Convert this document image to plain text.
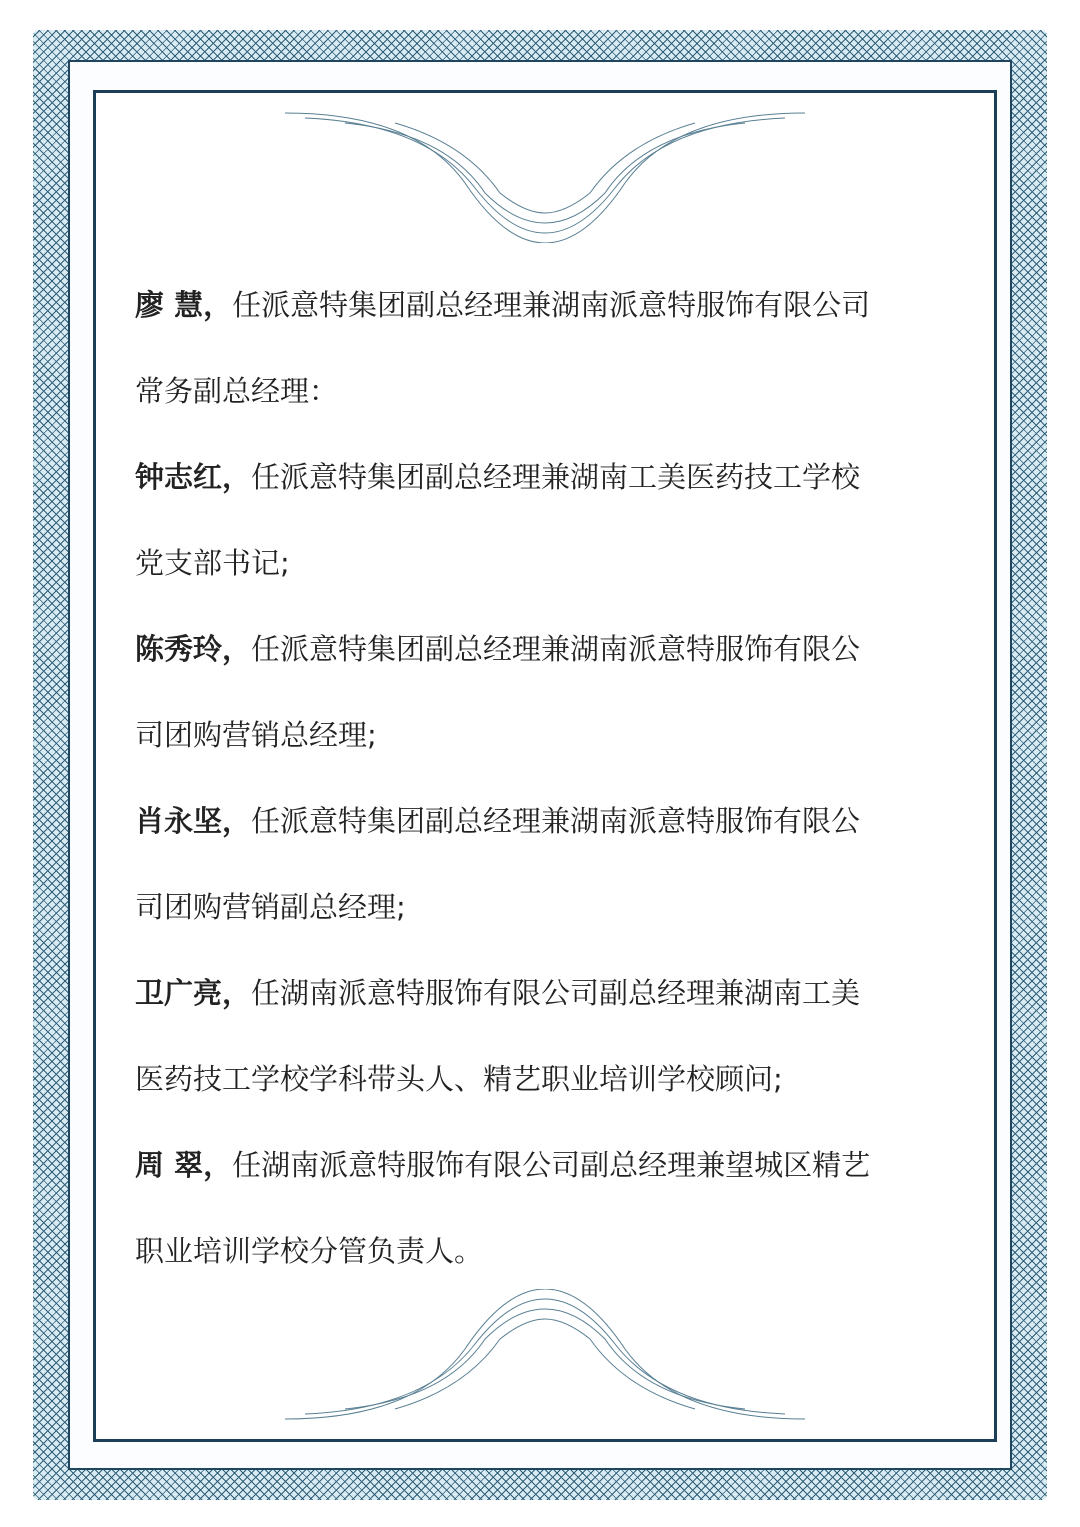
廖 慧，任派意特集团副总经理兼湖南派意特服饰有限公司
常务副总经理：
钟志红，任派意特集团副总经理兼湖南工美医药技工学校
党支部书记;
陈秀玲，任派意特集团副总经理兼湖南派意特服饰有限公
司团购营销总经理;
肖永坚，任派意特集团副总经理兼湖南派意特服饰有限公
司团购营销副总经理;
卫广亮，任湖南派意特服饰有限公司副总经理兼湖南工美
医药技工学校学科带头人、精艺职业培训学校顾问;
周 翠，任湖南派意特服饰有限公司副总经理兼望城区精艺
职业培训学校分管负责人。
